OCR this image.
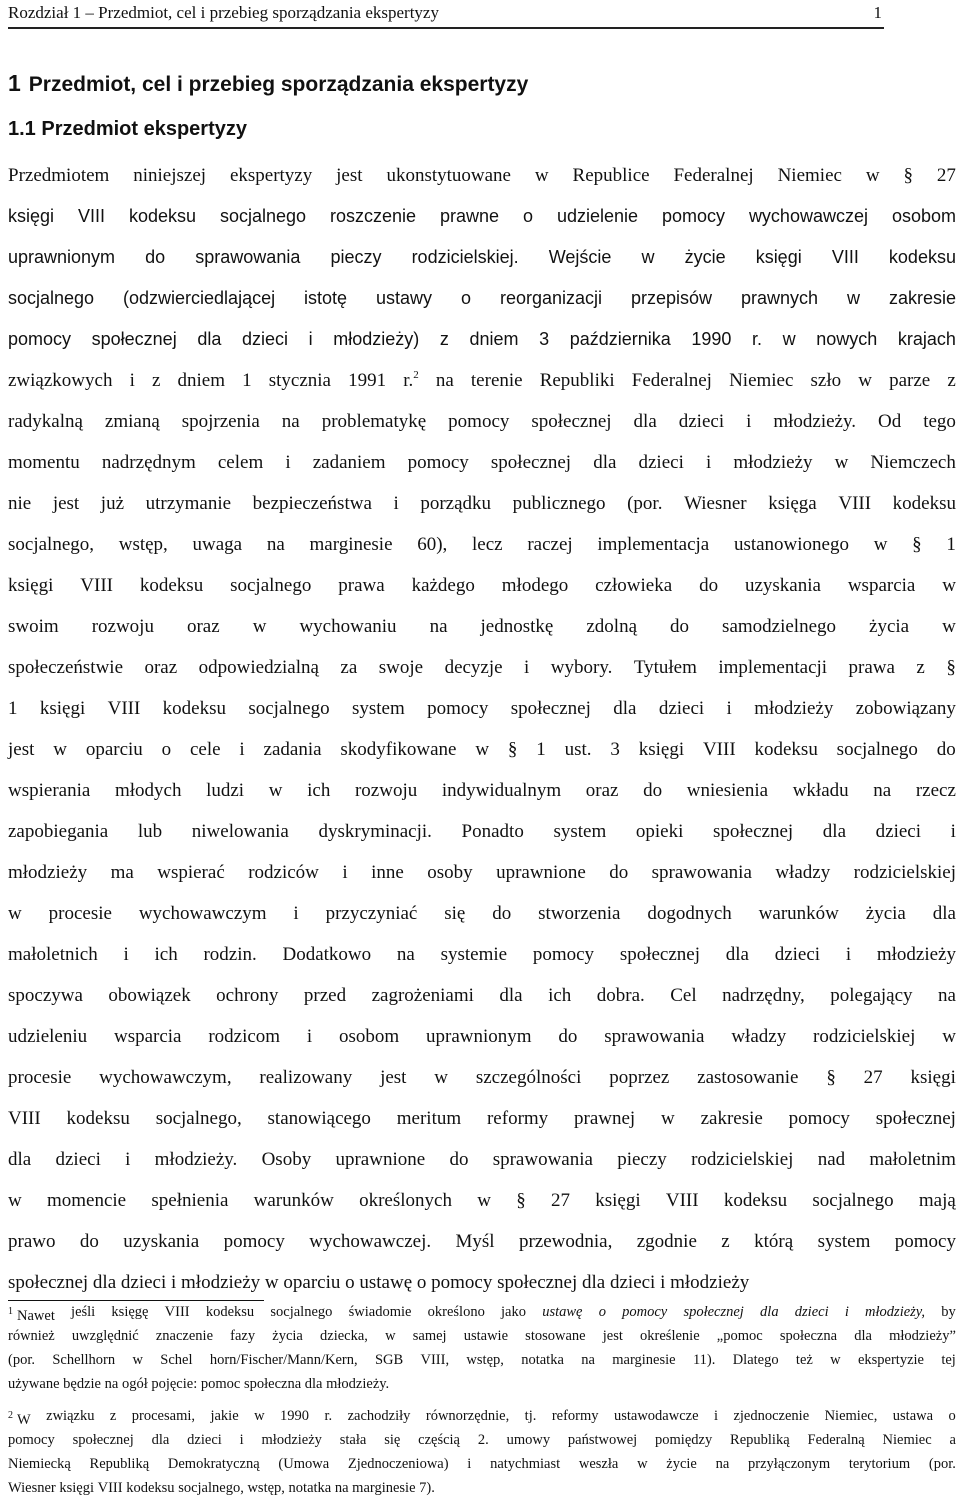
Rozdział 1 – Przedmiot, cel i przebieg sporządzania ekspertyzy	1
1 Przedmiot, cel i przebieg sporządzania ekspertyzy
1.1 Przedmiot ekspertyzy
Przedmiotem niniejszej ekspertyzy jest ukonstytuowane w Republice Federalnej Niemiec w § 27
księgi VIII kodeksu socjalnego roszczenie prawne o udzielenie pomocy wychowawczej osobom
uprawnionym do sprawowania pieczy rodzicielskiej. Wejście w życie księgi VIII kodeksu
socjalnego (odzwierciedlającej istotę ustawy o reorganizacji przepisów prawnych w zakresie
pomocy społecznej dla dzieci i młodzieży) z dniem 3 października 1990 r. w nowych krajach
związkowych i z dniem 1 stycznia 1991 r.$^2$ na terenie Republiki Federalnej Niemiec szło w parze z
radykalną zmianą spojrzenia na problematykę pomocy społecznej dla dzieci i młodzieży. Od tego
momentu nadrzędnym celem i zadaniem pomocy społecznej dla dzieci i młodzieży w Niemczech
nie jest już utrzymanie bezpieczeństwa i porządku publicznego (por. Wiesner księga VIII kodeksu
socjalnego, wstęp, uwaga na marginesie 60), lecz raczej implementacja ustanowionego w § 1
księgi VIII kodeksu socjalnego prawa każdego młodego człowieka do uzyskania wsparcia w
swoim rozwoju oraz w wychowaniu na jednostkę zdolną do samodzielnego życia w
społeczeństwie oraz odpowiedzialną za swoje decyzje i wybory. Tytułem implementacji prawa z §
1 księgi VIII kodeksu socjalnego system pomocy społecznej dla dzieci i młodzieży zobowiązany
jest w oparciu o cele i zadania skodyfikowane w § 1 ust. 3 księgi VIII kodeksu socjalnego do
wspierania młodych ludzi w ich rozwoju indywidualnym oraz do wniesienia wkładu na rzecz
zapobiegania lub niwelowania dyskryminacji. Ponadto system opieki społecznej dla dzieci i
młodzieży ma wspierać rodziców i inne osoby uprawnione do sprawowania władzy rodzicielskiej
w procesie wychowawczym i przyczyniać się do stworzenia dogodnych warunków życia dla
małoletnich i ich rodzin. Dodatkowo na systemie pomocy społecznej dla dzieci i młodzieży
spoczywa obowiązek ochrony przed zagrożeniami dla ich dobra. Cel nadrzędny, polegający na
udzieleniu wsparcia rodzicom i osobom uprawnionym do sprawowania władzy rodzicielskiej w
procesie wychowawczym, realizowany jest w szczególności poprzez zastosowanie § 27 księgi
VIII kodeksu socjalnego, stanowiącego meritum reformy prawnej w zakresie pomocy społecznej
dla dzieci i młodzieży. Osoby uprawnione do sprawowania pieczy rodzicielskiej nad małoletnim
w momencie spełnienia warunków określonych w § 27 księgi VIII kodeksu socjalnego mają
prawo do uzyskania pomocy wychowawczej. Myśl przewodnia, zgodnie z którą system pomocy
społecznej dla dzieci i młodzieży w oparciu o ustawę o pomocy społecznej dla dzieci i młodzieży
$^1$ Nawet jeśli księgę VIII kodeksu socjalnego świadomie określono jako ustawę o pomocy społecznej dla dzieci i młodzieży, by
również uwzględnić znaczenie fazy życia dziecka, w samej ustawie stosowane jest określenie „pomoc społeczna dla młodzieży”
(por. Schellhorn w Schel horn/Fischer/Mann/Kern, SGB VIII, wstęp, notatka na marginesie 11). Dlatego też w ekspertyzie tej
używane będzie na ogół pojęcie: pomoc społeczna dla młodzieży.
$^2$ W związku z procesami, jakie w 1990 r. zachodziły równorzędnie, tj. reformy ustawodawcze i zjednoczenie Niemiec, ustawa o
pomocy społecznej dla dzieci i młodzieży stała się częścią 2. umowy państwowej pomiędzy Republiką Federalną Niemiec a
Niemiecką Republiką Demokratyczną (Umowa Zjednoczeniowa) i natychmiast weszła w życie na przyłączonym terytorium (por.
Wiesner księgi VIII kodeksu socjalnego, wstęp, notatka na marginesie 7).
